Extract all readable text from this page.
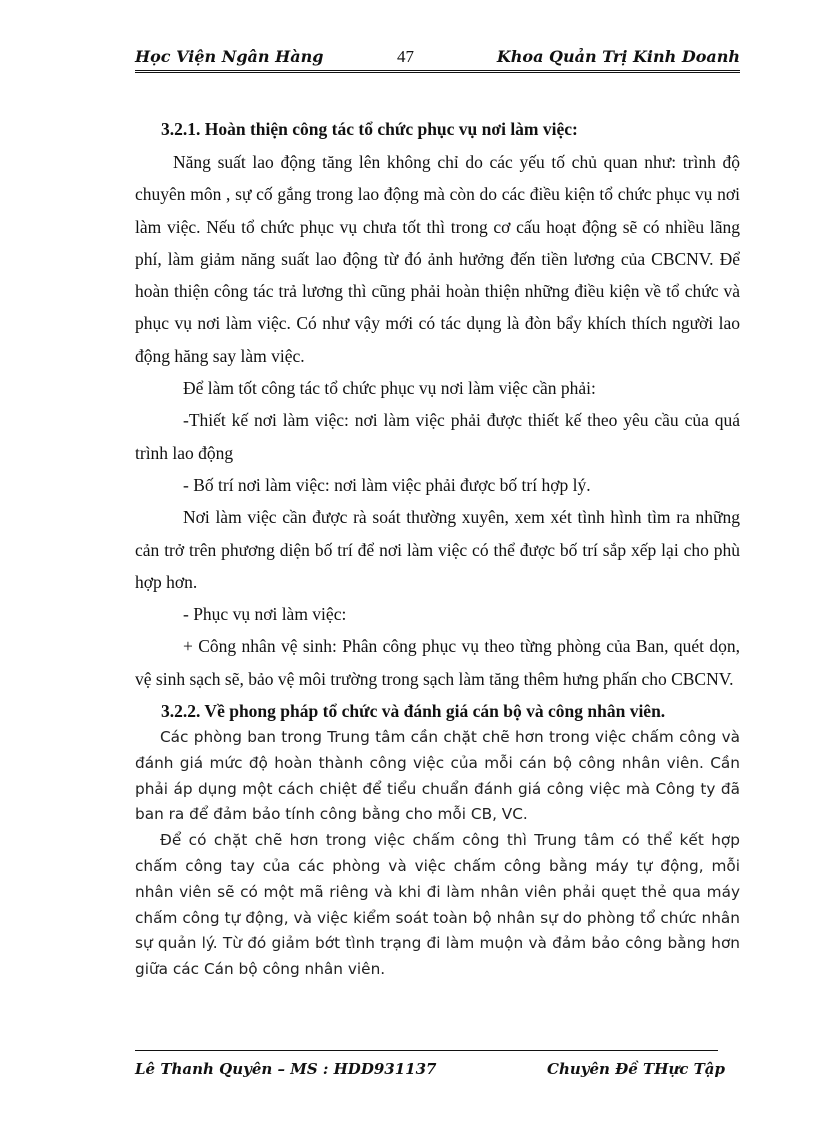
Học Viện Ngân Hàng	47	Khoa Quản Trị Kinh Doanh
3.2.1. Hoàn thiện công tác tổ chức phục vụ nơi làm việc:

Năng suất lao động tăng lên không chỉ do các yếu tố chủ quan như: trình độ chuyên môn , sự cố gắng trong lao động mà còn do các điều kiện tổ chức phục vụ nơi làm việc. Nếu tổ chức phục vụ chưa tốt thì trong cơ cấu hoạt động sẽ có nhiều lãng phí, làm giảm năng suất lao động từ đó ảnh hưởng đến tiền lương của CBCNV. Để hoàn thiện công tác trả lương thì cũng phải hoàn thiện những điều kiện về tổ chức và phục vụ nơi làm việc. Có như vậy mới có tác dụng là đòn bẩy khích thích người lao động hăng say làm việc.

Để làm tốt công tác tổ chức phục vụ nơi làm việc cần phải:

-Thiết kế nơi làm việc: nơi làm việc phải được thiết kế theo yêu cầu của quá trình lao động

- Bố trí nơi làm việc: nơi làm việc phải được bố trí hợp lý.

Nơi làm việc cần được rà soát thường xuyên, xem xét tình hình tìm ra những cản trở trên phương diện bố trí để nơi làm việc có thể được bố trí sắp xếp lại cho phù hợp hơn.

- Phục vụ nơi làm việc:

+ Công nhân vệ sinh: Phân công phục vụ theo từng phòng của Ban, quét dọn, vệ sinh sạch sẽ, bảo vệ môi trường trong sạch làm tăng thêm hưng phấn cho CBCNV.

3.2.2. Về phong pháp tổ chức và đánh giá cán bộ và công nhân viên.

Các phòng ban trong Trung tâm cần chặt chẽ hơn trong việc chấm công và đánh giá mức độ hoàn thành công việc của mỗi cán bộ công nhân viên. Cần phải áp dụng một cách chiệt để tiểu chuẩn đánh giá công việc mà Công ty đã ban ra để đảm bảo tính công bằng cho mỗi CB, VC.

Để có chặt chẽ hơn trong việc chấm công thì Trung tâm có thể kết hợp chấm công tay của các phòng và việc chấm công bằng máy tự động, mỗi nhân viên sẽ có một mã riêng và khi đi làm nhân viên phải quẹt thẻ qua máy chấm công tự động, và việc kiểm soát toàn bộ nhân sự do phòng tổ chức nhân sự quản lý. Từ đó giảm bớt tình trạng đi làm muộn và đảm bảo công bằng hơn giữa các Cán bộ công nhân viên.

Lê Thanh Quyên – MS : HDD931137	Chuyên Đề THực Tập
